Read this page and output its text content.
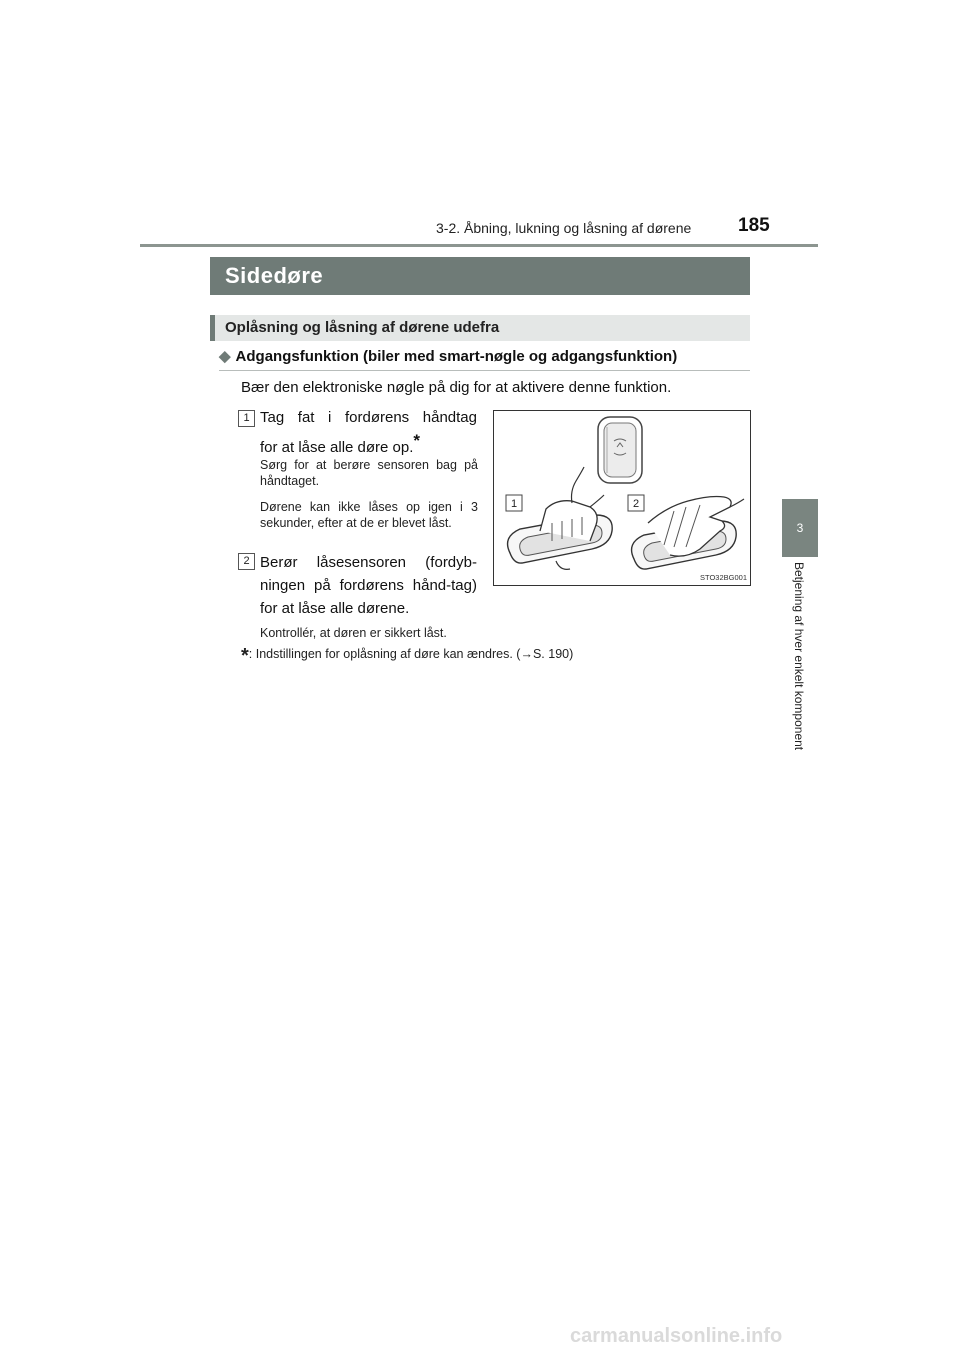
3-2. Åbning, lukning og låsning af dørene 185
3
Betjening af hver enkelt komponent
Sidedøre
Oplåsning og låsning af dørene udefra
◆ Adgangsfunktion (biler med smart-nøgle og adgangsfunktion)
Bær den elektroniske nøgle på dig for at aktivere denne funktion.
1 Tag fat i fordørens håndtag
for at låse alle døre op.*
Sørg for at berøre sensoren bag på håndtaget.
Dørene kan ikke låses op igen i 3 sekunder, efter at de er blevet låst.
2 Berør låsesensoren (fordyb-ningen på fordørens hånd-tag) for at låse alle dørene.
1	2
STO32BG001
Kontrollér, at døren er sikkert låst.
*: Indstillingen for oplåsning af døre kan ændres. (→S. 190)
carmanualsonline.info
